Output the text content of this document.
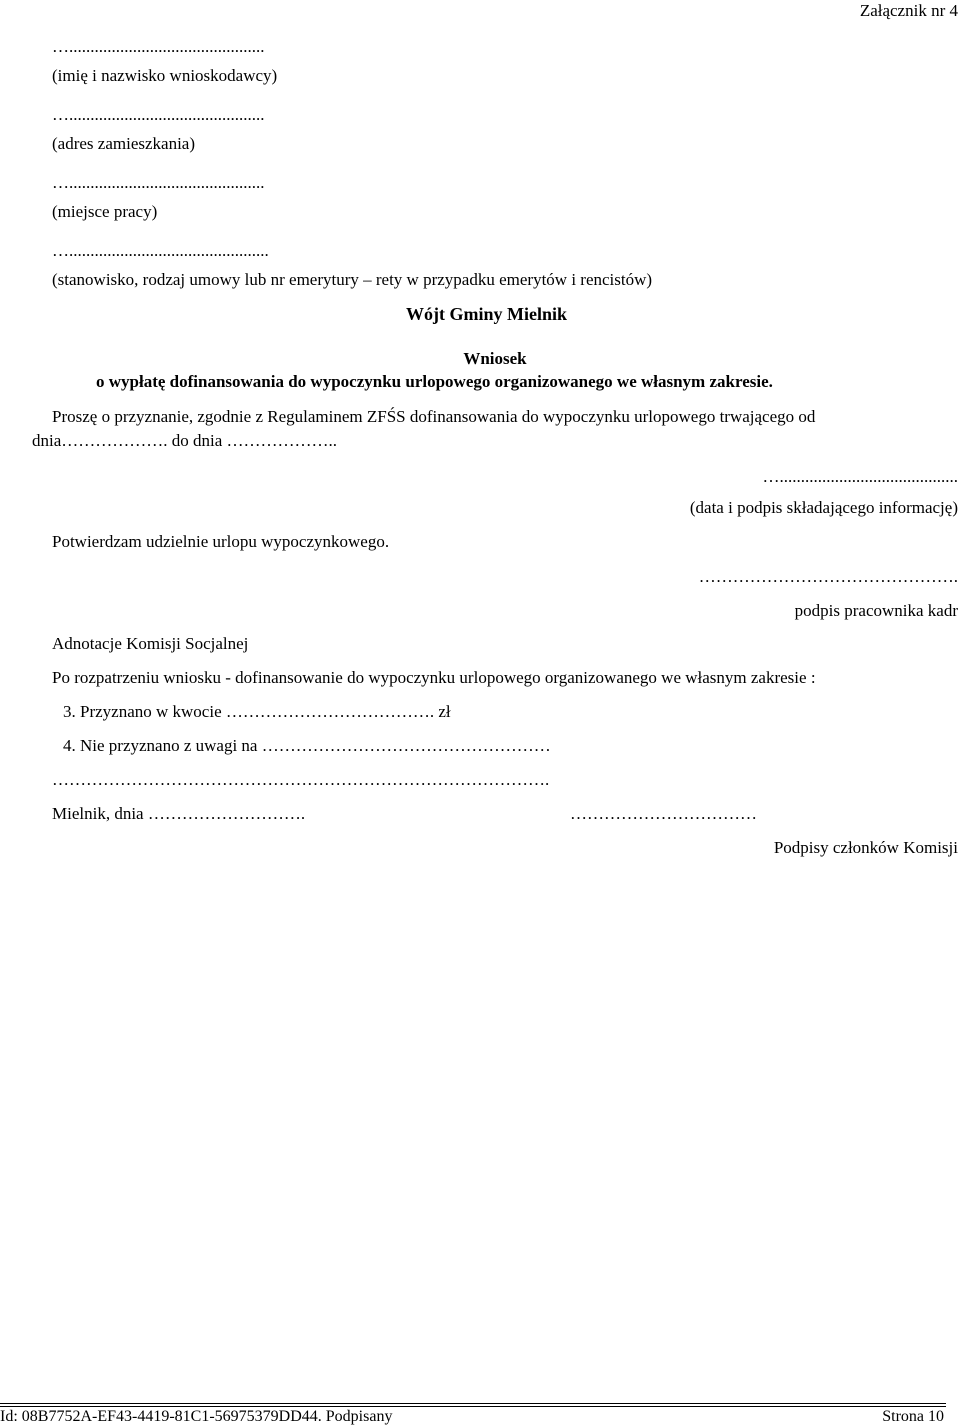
Załącznik nr 4
…..............................................
(imię i nazwisko wnioskodawcy)
…..............................................
(adres zamieszkania)
…..............................................
(miejsce pracy)
…...............................................
(stanowisko, rodzaj umowy lub nr emerytury – rety w przypadku emerytów i rencistów)
Wójt Gminy Mielnik
Wniosek
o wypłatę dofinansowania do wypoczynku urlopowego organizowanego we własnym zakresie.
Proszę o przyznanie, zgodnie z Regulaminem ZFŚS dofinansowania do wypoczynku urlopowego trwającego od
dnia………………. do dnia ………………..
…..........................................
(data i podpis składającego informację)
Potwierdzam udzielnie urlopu wypoczynkowego.
……………………………………….
podpis pracownika kadr
Adnotacje Komisji Socjalnej
Po rozpatrzeniu wniosku - dofinansowanie do wypoczynku urlopowego organizowanego we własnym zakresie :
3. Przyznano w kwocie ………………………………. zł
4. Nie przyznano z uwagi na ……………………………………………
…………………………………………………………………………….
Mielnik, dnia ……………………….	……………………………
Podpisy członków Komisji
Id: 08B7752A-EF43-4419-81C1-56975379DD44. Podpisany	Strona 10
